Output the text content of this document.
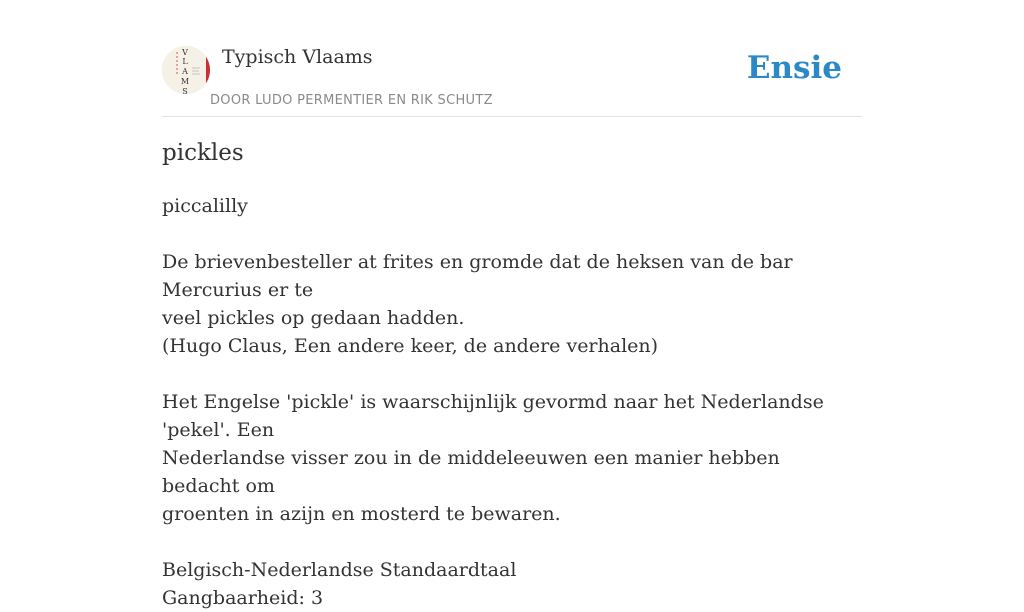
V
L
A
M
S
Typisch Vlaams
DOOR LUDO PERMENTIER EN RIK SCHUTZ
Ensie
pickles

piccalilly

De brievenbesteller at frites en gromde dat de heksen van de bar Mercurius er te
veel pickles op gedaan hadden.
(Hugo Claus, Een andere keer, de andere verhalen)

Het Engelse 'pickle' is waarschijnlijk gevormd naar het Nederlandse 'pekel'. Een
Nederlandse visser zou in de middeleeuwen een manier hebben bedacht om
groenten in azijn en mosterd te bewaren.

Belgisch-Nederlandse Standaardtaal
Gangbaarheid: 3
